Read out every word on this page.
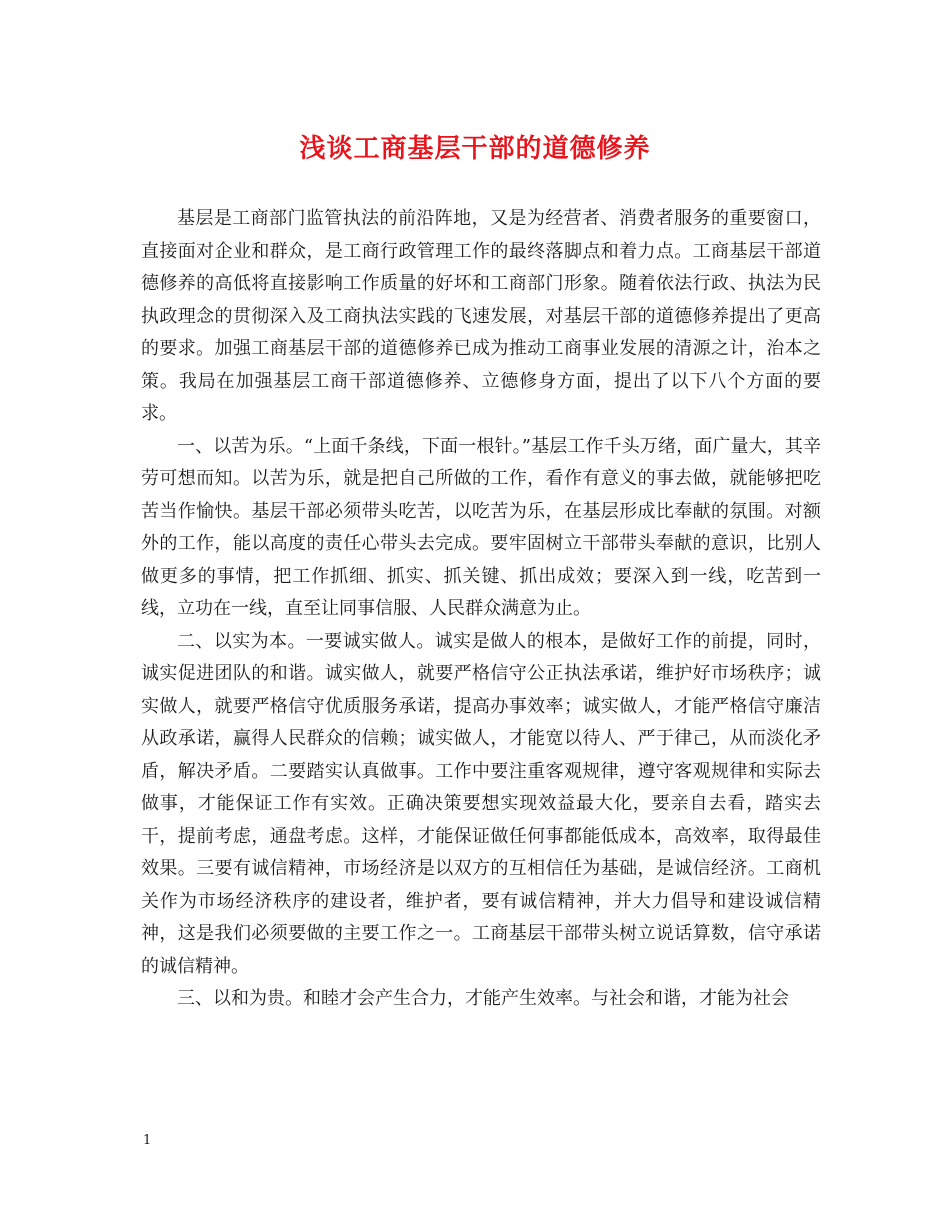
浅谈工商基层干部的道德修养

基层是工商部门监管执法的前沿阵地，又是为经营者、消费者服务的重要窗口，直接面对企业和群众，是工商行政管理工作的最终落脚点和着力点。工商基层干部道德修养的高低将直接影响工作质量的好坏和工商部门形象。随着依法行政、执法为民执政理念的贯彻深入及工商执法实践的飞速发展，对基层干部的道德修养提出了更高的要求。加强工商基层干部的道德修养已成为推动工商事业发展的清源之计，治本之策。我局在加强基层工商干部道德修养、立德修身方面，提出了以下八个方面的要求。

一、以苦为乐。“上面千条线，下面一根针。”基层工作千头万绪，面广量大，其辛劳可想而知。以苦为乐，就是把自己所做的工作，看作有意义的事去做，就能够把吃苦当作愉快。基层干部必须带头吃苦，以吃苦为乐，在基层形成比奉献的氛围。对额外的工作，能以高度的责任心带头去完成。要牢固树立干部带头奉献的意识，比别人做更多的事情，把工作抓细、抓实、抓关键、抓出成效；要深入到一线，吃苦到一线，立功在一线，直至让同事信服、人民群众满意为止。

二、以实为本。一要诚实做人。诚实是做人的根本，是做好工作的前提，同时，诚实促进团队的和谐。诚实做人，就要严格信守公正执法承诺，维护好市场秩序；诚实做人，就要严格信守优质服务承诺，提高办事效率；诚实做人，才能严格信守廉洁从政承诺，赢得人民群众的信赖；诚实做人，才能宽以待人、严于律己，从而淡化矛盾，解决矛盾。二要踏实认真做事。工作中要注重客观规律，遵守客观规律和实际去做事，才能保证工作有实效。正确决策要想实现效益最大化，要亲自去看，踏实去干，提前考虑，通盘考虑。这样，才能保证做任何事都能低成本，高效率，取得最佳效果。三要有诚信精神，市场经济是以双方的互相信任为基础，是诚信经济。工商机关作为市场经济秩序的建设者，维护者，要有诚信精神，并大力倡导和建设诚信精神，这是我们必须要做的主要工作之一。工商基层干部带头树立说话算数，信守承诺的诚信精神。

三、以和为贵。和睦才会产生合力，才能产生效率。与社会和谐，才能为社会

1
